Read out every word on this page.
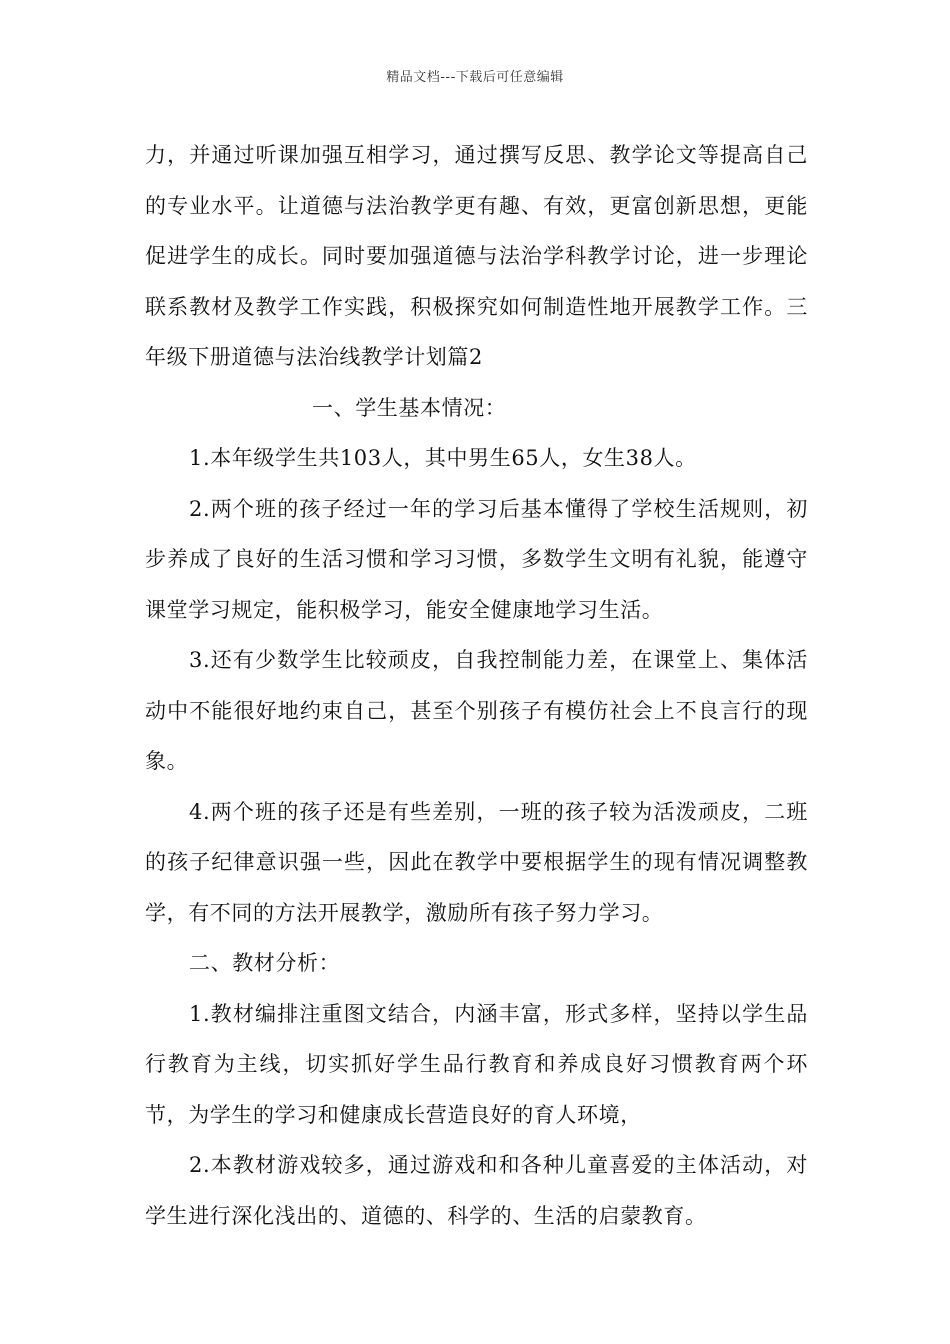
精品文档---下载后可任意编辑

力，并通过听课加强互相学习，通过撰写反思、教学论文等提高自己的专业水平。让道德与法治教学更有趣、有效，更富创新思想，更能促进学生的成长。同时要加强道德与法治学科教学讨论，进一步理论联系教材及教学工作实践，积极探究如何制造性地开展教学工作。三年级下册道德与法治线教学计划篇2

一、学生基本情况：

1.本年级学生共103人，其中男生65人，女生38人。

2.两个班的孩子经过一年的学习后基本懂得了学校生活规则，初步养成了良好的生活习惯和学习习惯，多数学生文明有礼貌，能遵守课堂学习规定，能积极学习，能安全健康地学习生活。

3.还有少数学生比较顽皮，自我控制能力差，在课堂上、集体活动中不能很好地约束自己，甚至个别孩子有模仿社会上不良言行的现象。

4.两个班的孩子还是有些差别，一班的孩子较为活泼顽皮，二班的孩子纪律意识强一些，因此在教学中要根据学生的现有情况调整教学，有不同的方法开展教学，激励所有孩子努力学习。

二、教材分析：

1.教材编排注重图文结合，内涵丰富，形式多样，坚持以学生品行教育为主线，切实抓好学生品行教育和养成良好习惯教育两个环节，为学生的学习和健康成长营造良好的育人环境，

2.本教材游戏较多，通过游戏和和各种儿童喜爱的主体活动，对学生进行深化浅出的、道德的、科学的、生活的启蒙教育。
